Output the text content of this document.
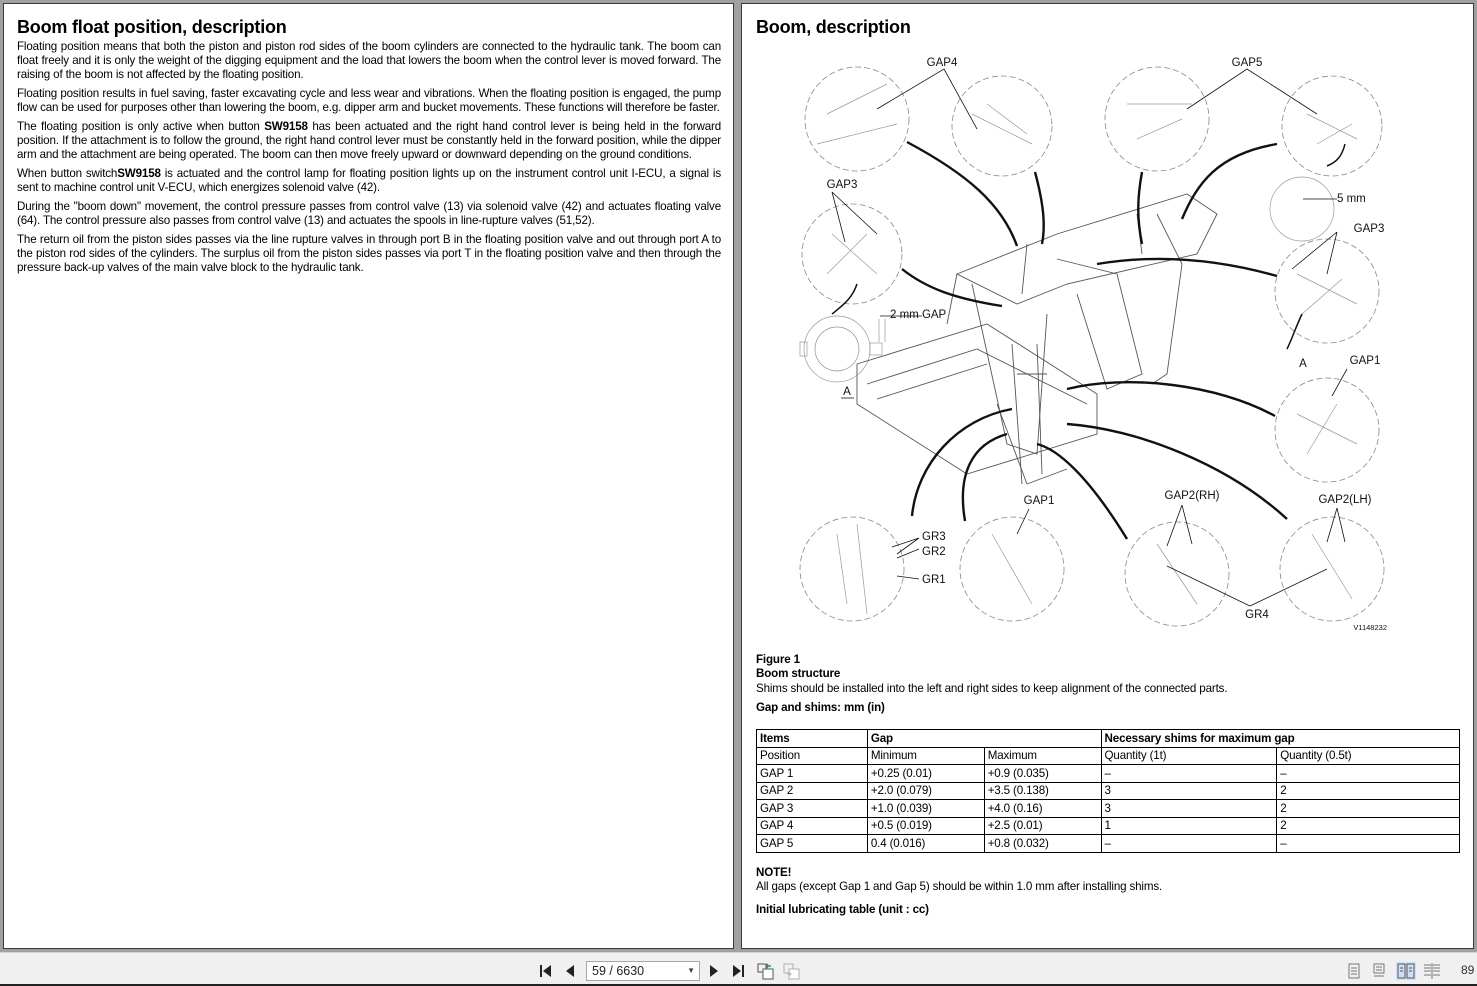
Boom float position, description

Floating position means that both the piston and piston rod sides of the boom cylinders are connected to the hydraulic tank. The boom can float freely and it is only the weight of the digging equipment and the load that lowers the boom when the control lever is moved forward. The raising of the boom is not affected by the floating position.

Floating position results in fuel saving, faster excavating cycle and less wear and vibrations. When the floating position is engaged, the pump flow can be used for purposes other than lowering the boom, e.g. dipper arm and bucket movements. These functions will therefore be faster.

The floating position is only active when button SW9158 has been actuated and the right hand control lever is being held in the forward position. If the attachment is to follow the ground, the right hand control lever must be constantly held in the forward position, while the dipper arm and the attachment are being operated. The boom can then move freely upward or downward depending on the ground conditions.

When button switchSW9158 is actuated and the control lamp for floating position lights up on the instrument control unit I-ECU, a signal is sent to machine control unit V-ECU, which energizes solenoid valve (42).

During the "boom down" movement, the control pressure passes from control valve (13) via solenoid valve (42) and actuates floating valve (64). The control pressure also passes from control valve (13) and actuates the spools in line-rupture valves (51,52).

The return oil from the piston sides passes via the line rupture valves in through port B in the floating position valve and out through port A to the piston rod sides of the cylinders. The surplus oil from the piston sides passes via port T in the floating position valve and then through the pressure back-up valves of the main valve block to the hydraulic tank.

Boom, description
GAP4	GAP5
GAP3
GAP3
5 mm
2 mm GAP
A
A	GAP1
GAP1	GAP2(RH)	GAP2(LH)
GR3
GR2
GR1
GR4
V1148232
Figure 1
Boom structure
Shims should be installed into the left and right sides to keep alignment of the connected parts.
Gap and shims: mm (in)
Items	Gap		Necessary shims for maximum gap	
Position	Minimum	Maximum	Quantity (1t)	Quantity (0.5t)
GAP 1	+0.25 (0.01)	+0.9 (0.035)	–	–
GAP 2	+2.0 (0.079)	+3.5 (0.138)	3	2
GAP 3	+1.0 (0.039)	+4.0 (0.16)	3	2
GAP 4	+0.5 (0.019)	+2.5 (0.01)	1	2
GAP 5	0.4 (0.016)	+0.8 (0.032)	–	–
NOTE!
All gaps (except Gap 1 and Gap 5) should be within 1.0 mm after installing shims.
Initial lubricating table (unit : cc)
59 / 6630	▼	89
